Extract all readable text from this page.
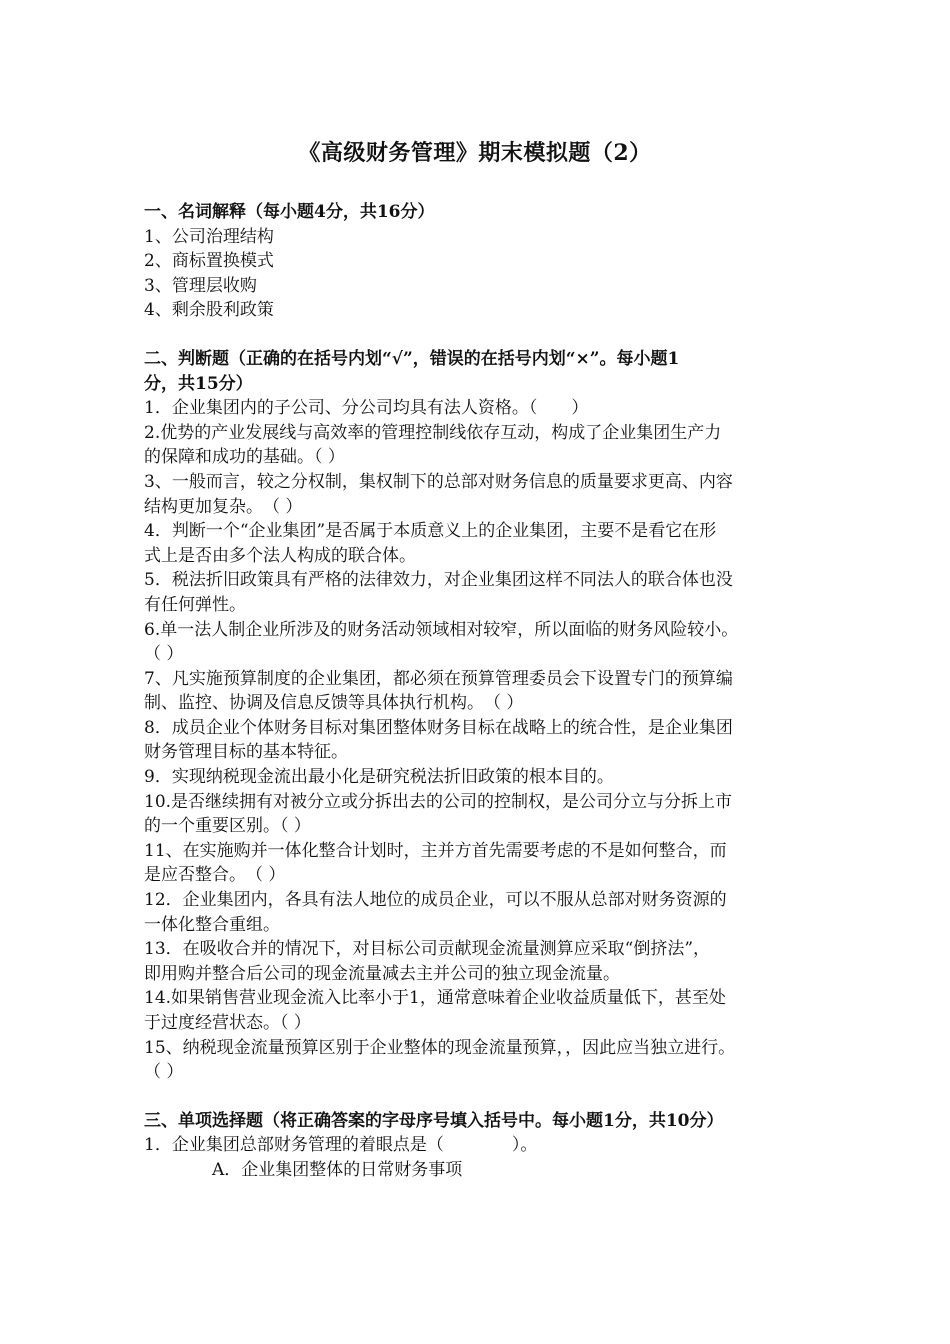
《高级财务管理》期末模拟题（2）
一、名词解释（每小题4分，共16分）
1、公司治理结构
2、商标置换模式
3、管理层收购
4、剩余股利政策
二、判断题（正确的在括号内划“√”，错误的在括号内划“×”。每小题1
分，共15分）
1．企业集团内的子公司、分公司均具有法人资格。（　　）
2.优势的产业发展线与高效率的管理控制线依存互动，构成了企业集团生产力
的保障和成功的基础。（ ）
3、一般而言，较之分权制，集权制下的总部对财务信息的质量要求更高、内容
结构更加复杂。　（ ）
4．判断一个“企业集团”是否属于本质意义上的企业集团，主要不是看它在形
式上是否由多个法人构成的联合体。
5．税法折旧政策具有严格的法律效力，对企业集团这样不同法人的联合体也没
有任何弹性。
6.单一法人制企业所涉及的财务活动领域相对较窄，所以面临的财务风险较小。
（ ）
7、凡实施预算制度的企业集团，都必须在预算管理委员会下设置专门的预算编
制、监控、协调及信息反馈等具体执行机构。　（ ）
8．成员企业个体财务目标对集团整体财务目标在战略上的统合性，是企业集团
财务管理目标的基本特征。
9．实现纳税现金流出最小化是研究税法折旧政策的根本目的。
10.是否继续拥有对被分立或分拆出去的公司的控制权，是公司分立与分拆上市
的一个重要区别。（ ）
11、在实施购并一体化整合计划时，主并方首先需要考虑的不是如何整合，而
是应否整合。　（ ）
12．企业集团内，各具有法人地位的成员企业，可以不服从总部对财务资源的
一体化整合重组。
13．在吸收合并的情况下，对目标公司贡献现金流量测算应采取“倒挤法”，
即用购并整合后公司的现金流量减去主并公司的独立现金流量。
14.如果销售营业现金流入比率小于1，通常意味着企业收益质量低下，甚至处
于过度经营状态。（ ）
15、纳税现金流量预算区别于企业整体的现金流量预算，，因此应当独立进行。
（ ）
三、单项选择题（将正确答案的字母序号填入括号中。每小题1分，共10分）
1．企业集团总部财务管理的着眼点是（　　　　）。
A．企业集团整体的日常财务事项
